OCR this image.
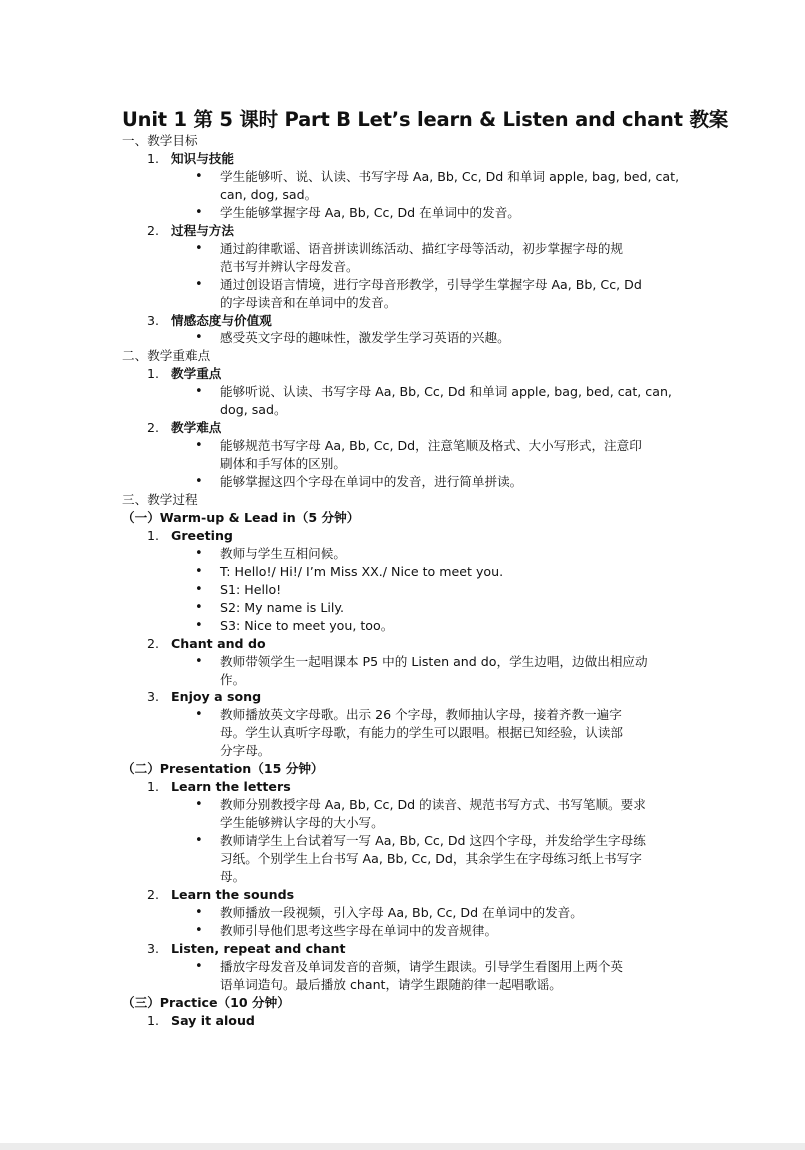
Unit 1 第 5 课时 Part B Let’s learn & Listen and chant 教案
一、教学目标
1. 知识与技能
• 学生能够听、说、认读、书写字母 Aa, Bb, Cc, Dd 和单词 apple, bag, bed, cat,
can, dog, sad。
• 学生能够掌握字母 Aa, Bb, Cc, Dd 在单词中的发音。
2. 过程与方法
• 通过韵律歌谣、语音拼读训练活动、描红字母等活动，初步掌握字母的规
范书写并辨认字母发音。
• 通过创设语言情境，进行字母音形教学，引导学生掌握字母 Aa, Bb, Cc, Dd
的字母读音和在单词中的发音。
3. 情感态度与价值观
• 感受英文字母的趣味性，激发学生学习英语的兴趣。
二、教学重难点
1. 教学重点
• 能够听说、认读、书写字母 Aa, Bb, Cc, Dd 和单词 apple, bag, bed, cat, can,
dog, sad。
2. 教学难点
• 能够规范书写字母 Aa, Bb, Cc, Dd，注意笔顺及格式、大小写形式，注意印
刷体和手写体的区别。
• 能够掌握这四个字母在单词中的发音，进行简单拼读。
三、教学过程
（一）Warm-up & Lead in（5 分钟）
1. Greeting
• 教师与学生互相问候。
• T: Hello!/ Hi!/ I’m Miss XX./ Nice to meet you.
• S1: Hello!
• S2: My name is Lily.
• S3: Nice to meet you, too。
2. Chant and do
• 教师带领学生一起唱课本 P5 中的 Listen and do，学生边唱，边做出相应动
作。
3. Enjoy a song
• 教师播放英文字母歌。出示 26 个字母，教师抽认字母，接着齐教一遍字
母。学生认真听字母歌，有能力的学生可以跟唱。根据已知经验，认读部
分字母。
（二）Presentation（15 分钟）
1. Learn the letters
• 教师分别教授字母 Aa, Bb, Cc, Dd 的读音、规范书写方式、书写笔顺。要求
学生能够辨认字母的大小写。
• 教师请学生上台试着写一写 Aa, Bb, Cc, Dd 这四个字母，并发给学生字母练
习纸。个别学生上台书写 Aa, Bb, Cc, Dd，其余学生在字母练习纸上书写字
母。
2. Learn the sounds
• 教师播放一段视频，引入字母 Aa, Bb, Cc, Dd 在单词中的发音。
• 教师引导他们思考这些字母在单词中的发音规律。
3. Listen, repeat and chant
• 播放字母发音及单词发音的音频，请学生跟读。引导学生看图用上两个英
语单词造句。最后播放 chant，请学生跟随韵律一起唱歌谣。
（三）Practice（10 分钟）
1. Say it aloud
